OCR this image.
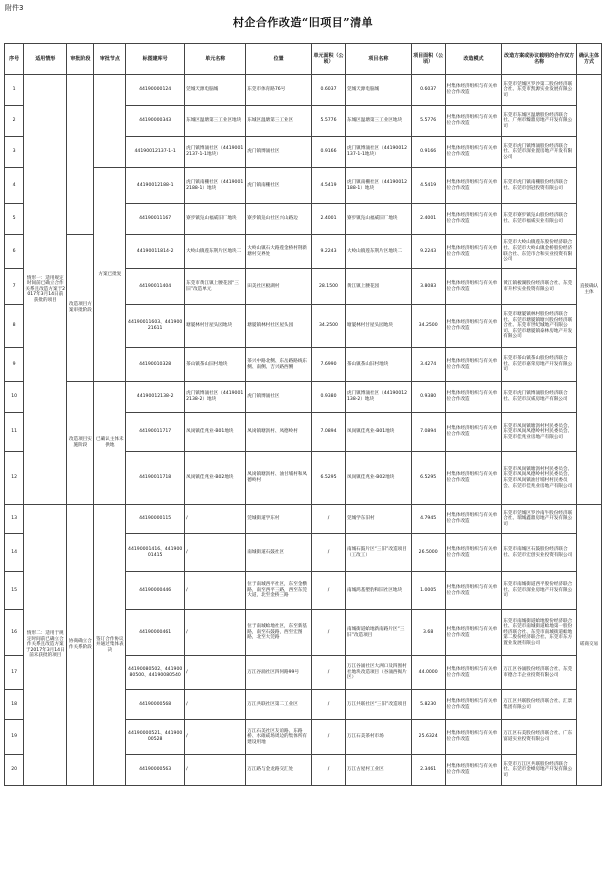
附件3
村企合作改造“旧项目”清单
序号	适用情形	审批阶段	审批节点	标图建库号	单元名称	位置	单元面积（公顷）	项目名称	项目面积（公顷）	改造模式	改造方案或协议载明的合作双方名称	确认主体方式
1	情形一：适用规定时间前已确立合作关系且改造方案于2017年3月14日前获批的项目			44190000124	莞城天源电脑城	东莞市体育路76号	0.6037	莞城天源电脑城	0.6037	村集体经济组织与有关单位合作改造	东莞市莞城区罗沙第二股份经济联合社、东莞市凯源实业发展有限公司	直接确认主体
2				44190000343	东城区温塘第三工业区地块	东城区温塘第三工业区	5.5776	东城区温塘第三工业区地块	5.5776	村集体经济组织与有关单位合作改造	东莞市东城区温塘股份经济联合社、广州市臻鼎房地产开发有限公司	
3				44190012137-1-1	虎门镇博涌社区（44190012137-1-1地块）	虎门镇博涌社区	0.9166	虎门镇博涌社区（44190012137-1-1地块）	0.9166	村集体经济组织与有关单位合作改造	东莞市虎门镇博涌股份经济联合社、东莞市深业置房地产开发有限公司	
4			方案已批复	44190012188-1	虎门镇南栅社区（44190012188-1）地块	虎门镇南栅社区	4.5419	虎门镇南栅社区（44190012188-1）地块	4.5419	村集体经济组织与有关单位合作改造	东莞市虎门镇南栅股份经济联合社、东莞市创冠投资有限公司	
5				44190011167	寮步镇凫山福威旧厂地块	寮步镇凫山社区兴山路边	2.4001	寮步镇凫山福威旧厂地块	2.4001	村集体经济组织与有关单位合作改造	东莞市寮步镇凫山股份经济联合社、东莞市福威实业有限公司	
6		改造项目方案审批阶段		44190011814-2	大岭山镇莲东荆片区地块二	大岭山镇石大路莲金桥村荆新塘村交界处	9.2243	大岭山镇莲东荆片区地块二	9.2243	村集体经济组织与有关单位合作改造	东莞市大岭山镇莲东股份经济联合社、东莞市大岭山镇金桥股份经济联合社、东莞市合和实业投资有限公司	
7				44190011404	东莞市黄江镇上腰花园“三旧”改造单元	田美社区板湖村	28.1500	黄江镇上腰花园	3.8083	村集体经济组织与有关单位合作改造	黄江镇板湖股份经济联合社、东莞市升杉实业投资有限公司	
8				44190011603、44190021611	塘厦林村甘屋头园地块	塘厦镇林村社区屋头园	34.2500	塘厦林村甘屋头园地块	34.2500	村集体经济组织与有关单位合作改造	东莞市塘厦镇林村股份经济联合社、东莞市塘厦镇塘兴股份经济联合社、东莞市世纪城地产有限公司、东莞市塘厦镇泰林房地产开发有限公司	
9				44190010328	茶山镇茶山旧村地块	茶兴中路北侧、东岳路路线东侧、南侧、吉兴路西侧	7.6990	茶山镇茶山旧村地块	3.4274	村集体经济组织与有关单位合作改造	东莞市茶山镇茶山股份经济联合社、东莞市嘉荣房地产开发有限公司	
10		改造项目实施阶段	已确认主体未供地	44190012138-2	虎门镇博涌社区（44190012138-2）地块	虎门镇博涌社区	0.9380	虎门镇博涌社区（44190012138-2）地块	0.9380	村集体经济组织与有关单位合作改造	东莞市虎门镇博涌股份经济联合社、东莞市汉威房地产有限公司	
11				44190011717	凤岗镇佳兆业-B01地块	凤岗镇塘沥村、凤德岭村	7.0894	凤岗镇佳兆业-B01地块	7.0894	村集体经济组织与有关单位合作改造	东莞市凤岗镇塘沥村村民委员会、东莞市凤岗凤德岭村村民委员会、东莞市佳兆业房地产有限公司	
12				44190011718	凤岗镇佳兆业-B02地块	凤岗镇塘沥村、油甘埔村和凤德岭村	6.5295	凤岗镇佳兆业-B02地块	6.5295	村集体经济组织与有关单位合作改造	东莞市凤岗镇塘沥村村民委员会、东莞市凤岗凤德岭村村民委员会、东莞市凤岗镇油甘埔村村民委员会、东莞市佳兆业房地产有限公司	
13	情形二：适用于规定时间前已确立合作关系且改造方案于2017年3月14日前未获批的项目	协商确立合作关系阶段	签订合作协议并通过集体表决	44190000115	/	莞城街道学东村	/	莞城学东旧村	4.7945	村集体经济组织与有关单位合作改造	东莞市莞城区罗沙南牛股份经济联合社、瑞城鑫鼎房地产开发有限公司	磋商交易
14				44190001416、44190001415	/	南城街道石鼓社区	/	南城石鼓片区“三旧”改造项目（工改工）	26.5000	村集体经济组织与有关单位合作改造	东莞市南城区石鼓股份经济联合社、东莞市宏创实业投资有限公司	
15				44190000446	/	位于南城西平社区，东至金横路，南至西平三路，西至东莞大道，北至金桥三路	/	南城鸿基塱豹和旧社区地块	1.0005	村集体经济组织与有关单位合作改造	东莞市南城街道西平股份经济联合社、东莞市深业房地产开发有限公司	
16				44190000461	/	位于南城蛤地社区，东至新基路，南至石鼓路，西至宏图路，北至大莞路	/	南城街道蛤地新南路片区“三旧”改造项目	3.68	村集体经济组织与有关单位合作改造	东莞市南城街道蛤地股份经济联合社、东莞市南城街道蛤地第一股份经济联合社、东莞市南城街道蛤地第二股份经济联合社、东莞市东方置业发展有限公司	
17				44190080502、44190080500、44190080540	/	万江谷涌社区四何路99号	/	万江谷涌社区大洲口及四围村社地块改造项目（谷涌西揭片区）	44.0000	村集体经济组织与有关单位合作改造	万江区谷涌股份经济联合社、东莞市德合丰企业投资有限公司	
18				44190000568	/	万江共联社区第二工业区	/	万江共联社区“三旧”改造项目	5.8230	村集体经济组织与有关单位合作改造	万江区共联股份经济联合社、汇景集团有限公司	
19				44190000521、44190000528	/	万江石美社区友谊路、东路桥、水碓咸场周边的集体所有建设用地	/	万江石美茶村市场	25.6324	村集体经济组织与有关单位合作改造	万江区石美股份经济联合社、广东富道实业投资有限公司	
20				44190000563	/	万江路与金龙路交汇处	/	万江古屋村工业区	2.3461	村集体经济组织与有关单位合作改造	东莞市万江区共联股份经济联合社、东莞市金峰房地产开发有限公司	
